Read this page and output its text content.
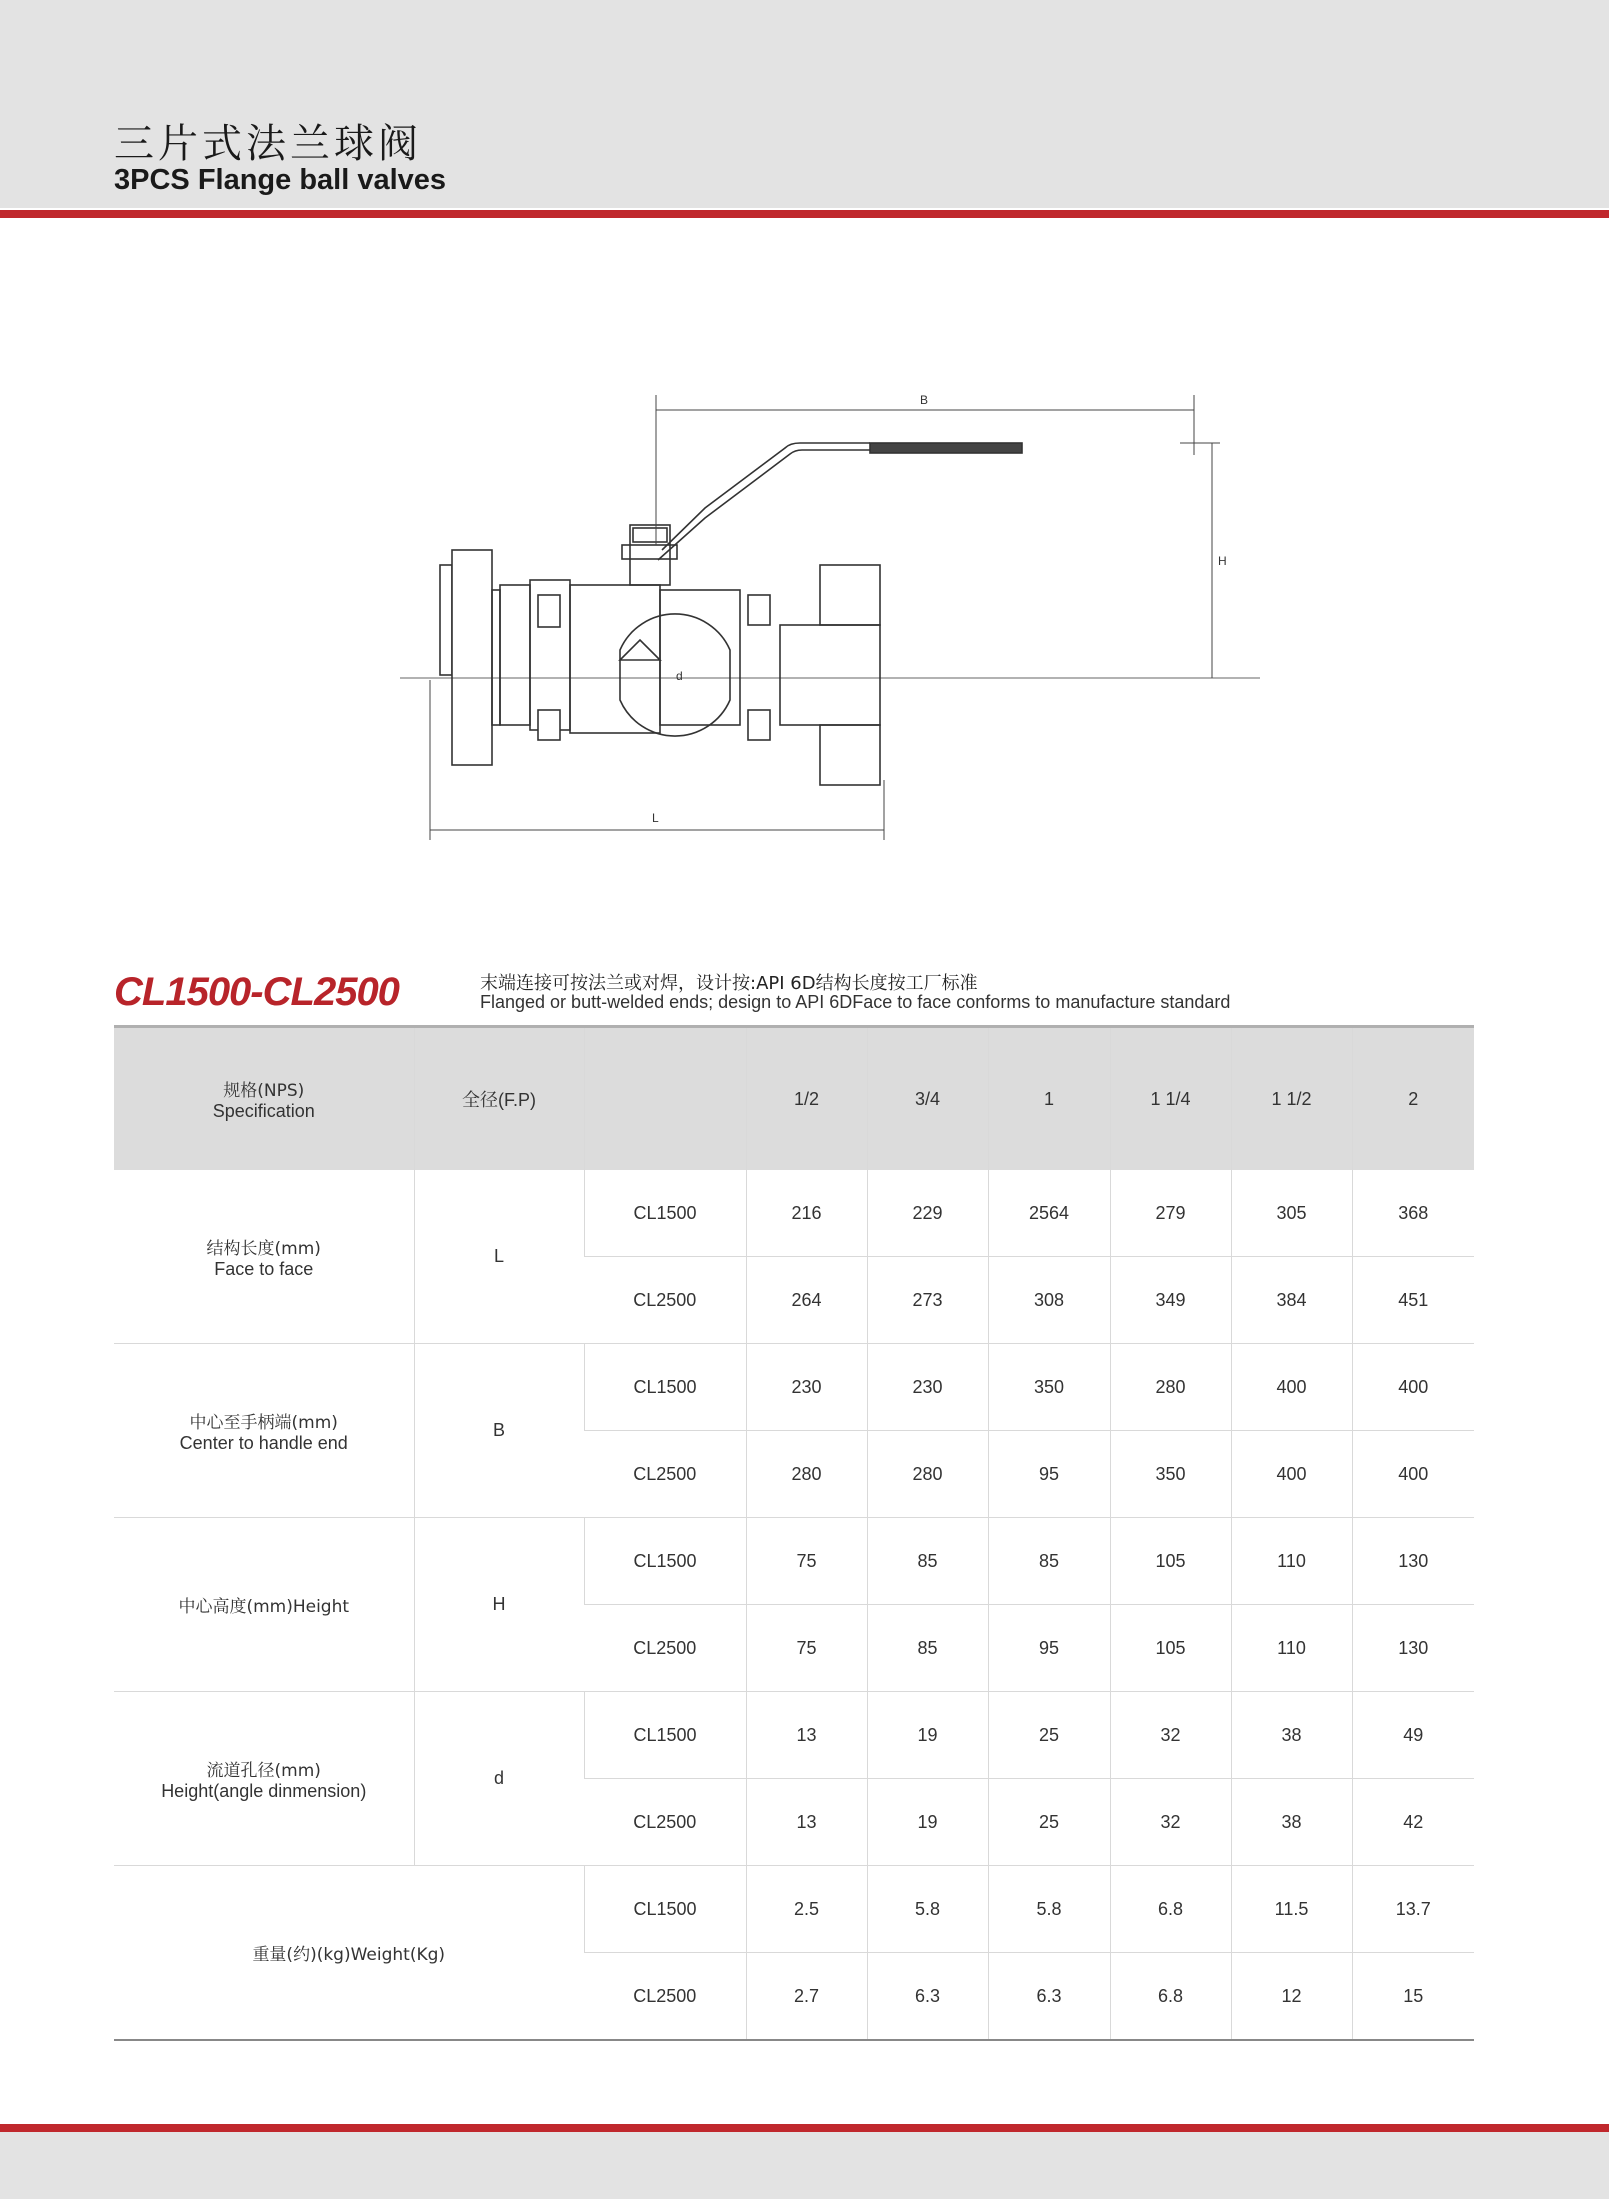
三片式法兰球阀
3PCS Flange ball valves
B
H
d
L
CL1500-CL2500	末端连接可按法兰或对焊，设计按:API 6D结构长度按工厂标准
Flanged or butt-welded ends; design to API 6DFace to face conforms to manufacture standard
规格(NPS)
Specification	全径(F.P)		1/2	3/4	1	1 1/4	1 1/2	2

结构长度(mm)
Face to face	L	CL1500	216	229	2564	279	305	368
		CL2500	264	273	308	349	384	451

中心至手柄端(mm)
Center to handle end	B	CL1500	230	230	350	280	400	400
		CL2500	280	280	95	350	400	400

中心高度(mm)Height	H	CL1500	75	85	85	105	110	130
		CL2500	75	85	95	105	110	130

流道孔径(mm)
Height(angle dinmension)	d	CL1500	13	19	25	32	38	49
		CL2500	13	19	25	32	38	42

重量(约)(kg)Weight(Kg)		CL1500	2.5	5.8	5.8	6.8	11.5	13.7
		CL2500	2.7	6.3	6.3	6.8	12	15
